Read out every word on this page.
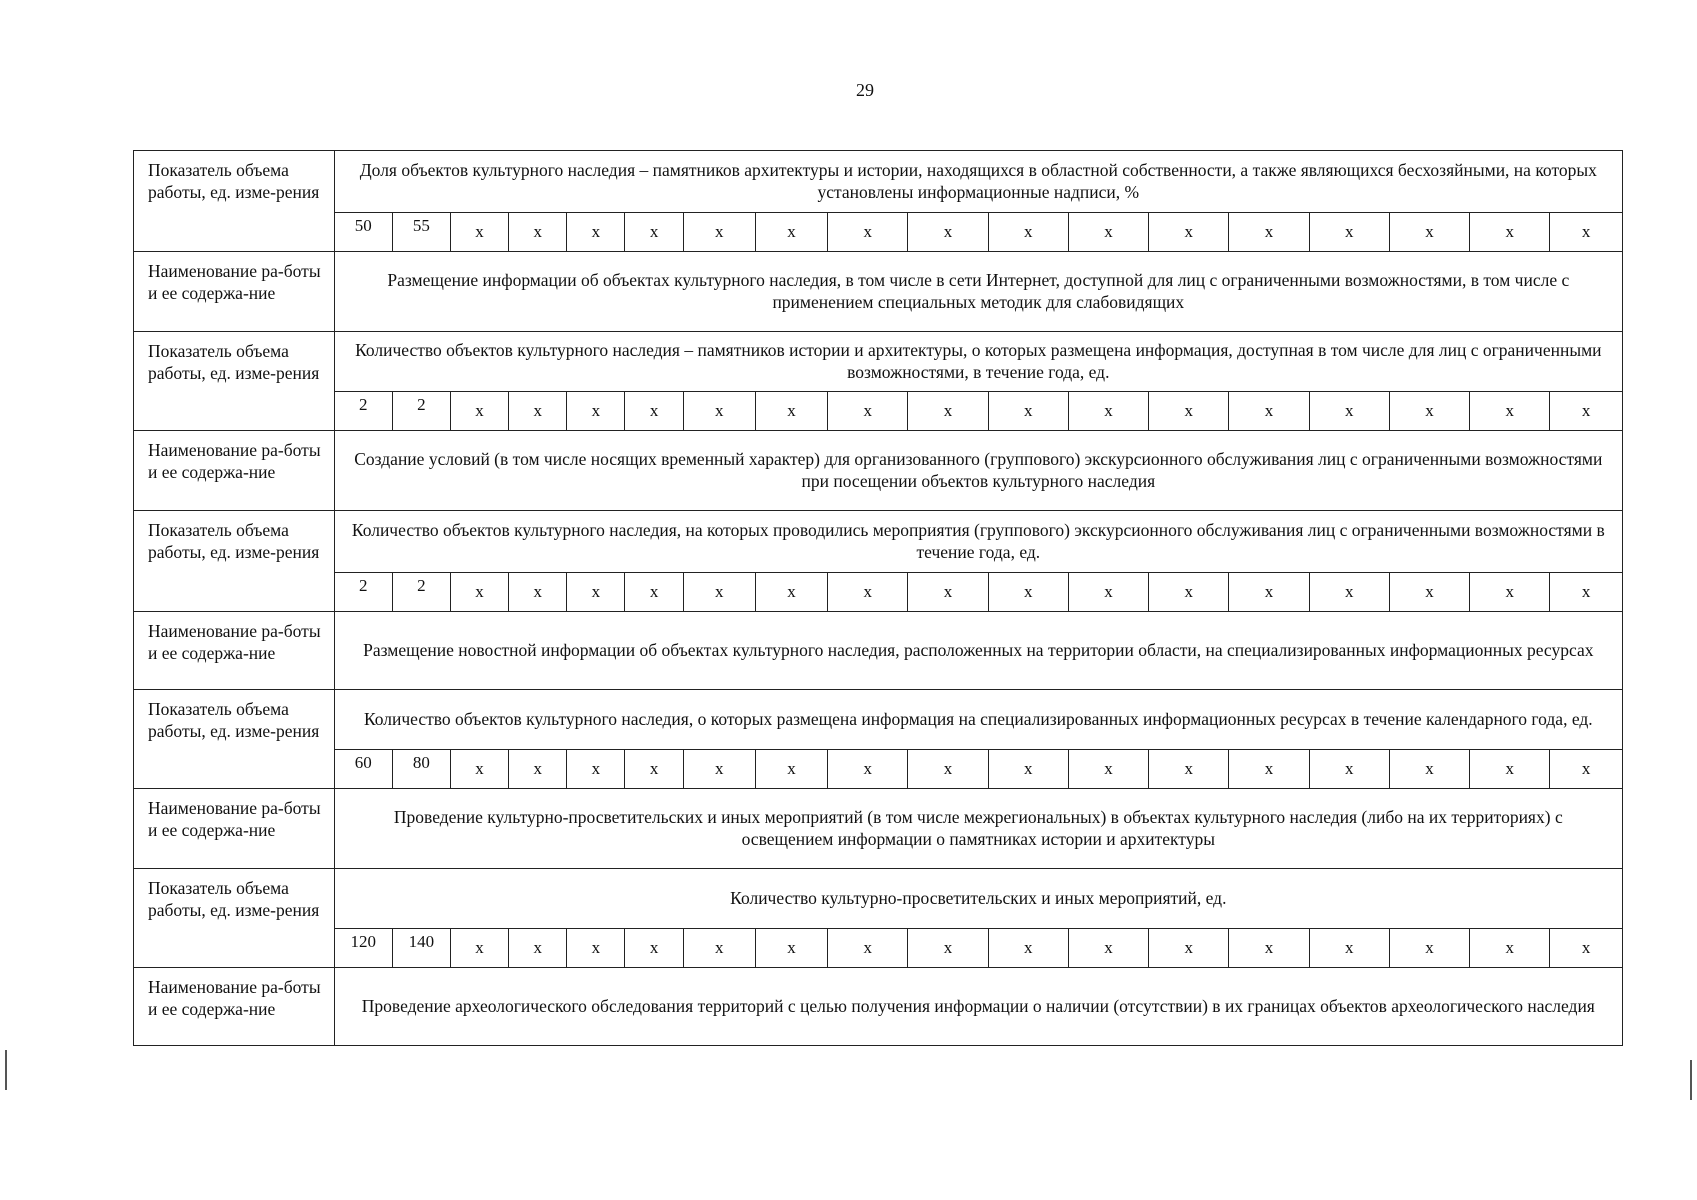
29
Показатель объема работы, ед. изме-рения	Доля объектов культурного наследия – памятников архитектуры и истории, находящихся в областной собственности, а также являющихся бесхозяйными, на которых установлены информационные надписи, %																	
	50	55	х	х	х	х	х	х	х	х	х	х	х	х	х	х	х	х
Наименование ра-боты и ее содержа-ние	Размещение информации об объектах культурного наследия, в том числе в сети Интернет, доступной для лиц с ограниченными возможностями, в том числе с применением специальных методик для слабовидящих																	
Показатель объема работы, ед. изме-рения	Количество объектов культурного наследия – памятников истории и архитектуры, о которых размещена информация, доступная в том числе для лиц с ограниченными возможностями, в течение года, ед.																	
	2	2	х	х	х	х	х	х	х	х	х	х	х	х	х	х	х	х
Наименование ра-боты и ее содержа-ние	Создание условий (в том числе носящих временный характер) для организованного (группового) экскурсионного обслуживания лиц с ограниченными возможностями при посещении объектов культурного наследия																	
Показатель объема работы, ед. изме-рения	Количество объектов культурного наследия, на которых проводились мероприятия (группового) экскурсионного обслуживания лиц с ограниченными возможностями в течение года, ед.																	
	2	2	х	х	х	х	х	х	х	х	х	х	х	х	х	х	х	х
Наименование ра-боты и ее содержа-ние	Размещение новостной информации об объектах культурного наследия, расположенных на территории области, на специализированных информационных ресурсах																	
Показатель объема работы, ед. изме-рения	Количество объектов культурного наследия, о которых размещена информация на специализированных информационных ресурсах в течение календарного года, ед.																	
	60	80	х	х	х	х	х	х	х	х	х	х	х	х	х	х	х	х
Наименование ра-боты и ее содержа-ние	Проведение культурно-просветительских и иных мероприятий (в том числе межрегиональных) в объектах культурного наследия (либо на их территориях) с освещением информации о памятниках истории и архитектуры																	
Показатель объема работы, ед. изме-рения	Количество культурно-просветительских и иных мероприятий, ед.																	
	120	140	х	х	х	х	х	х	х	х	х	х	х	х	х	х	х	х
Наименование ра-боты и ее содержа-ние	Проведение археологического обследования территорий с целью получения информации о наличии (отсутствии) в их границах объектов археологического наследия																	
